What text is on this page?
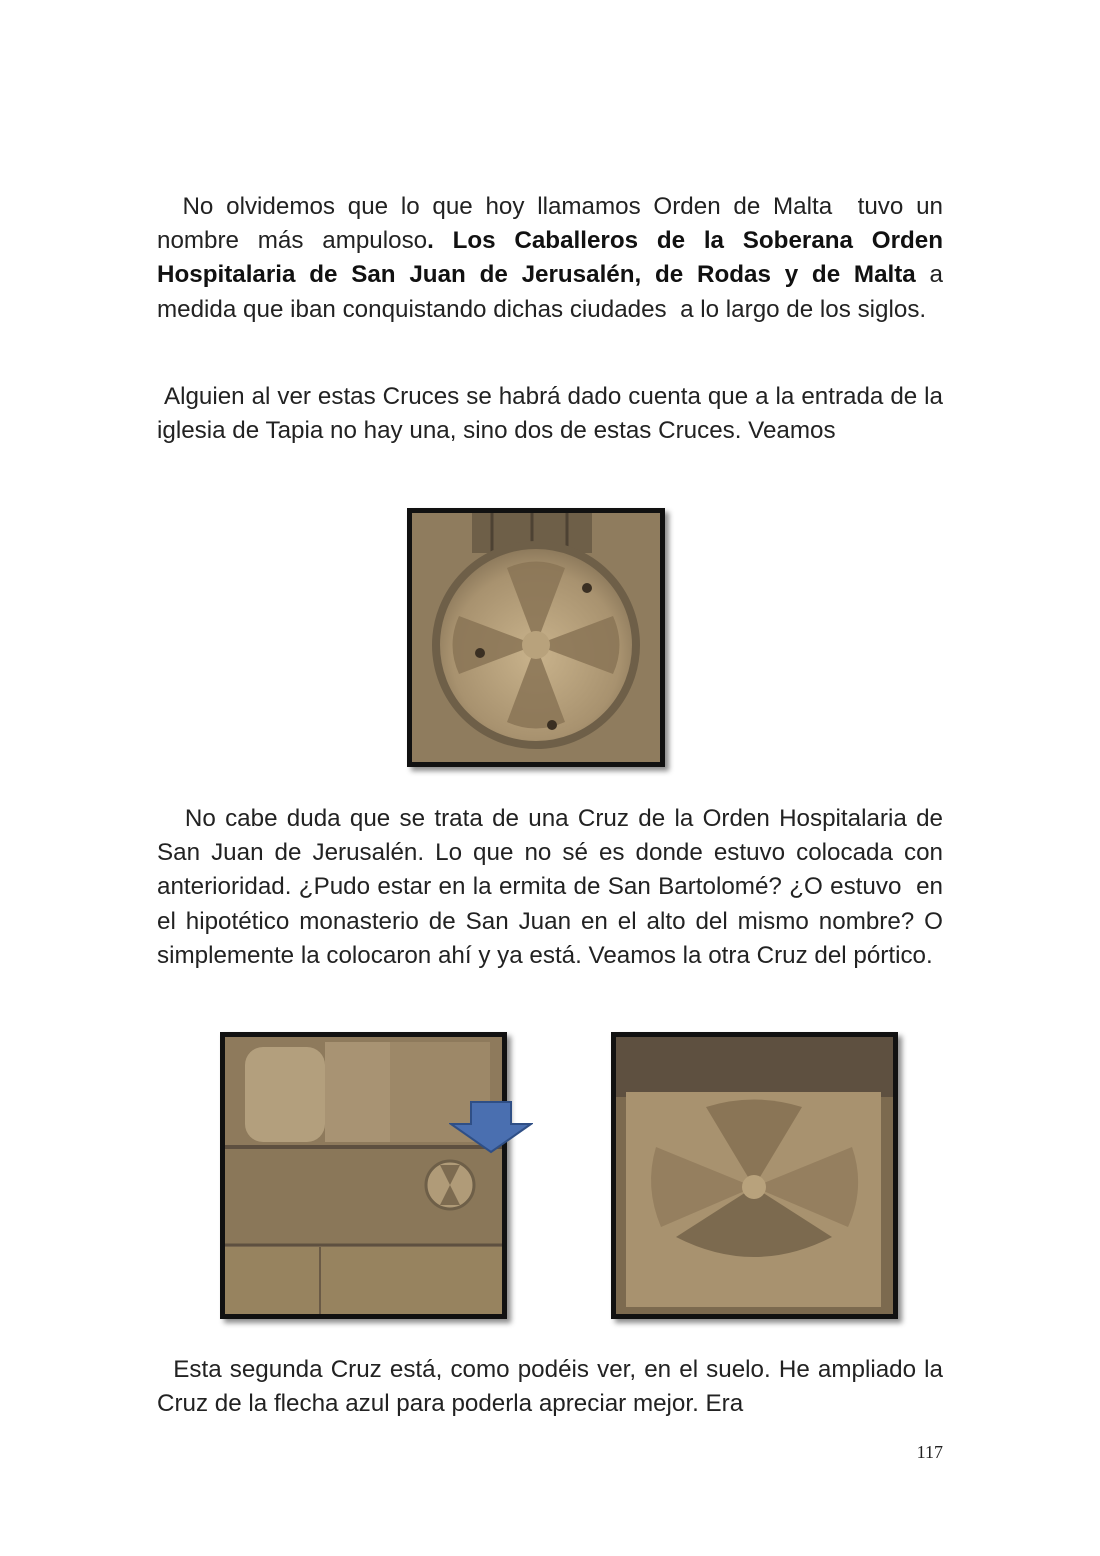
No olvidemos que lo que hoy llamamos Orden de Malta  tuvo un nombre más ampuloso. Los Caballeros de la Soberana Orden Hospitalaria de San Juan de Jerusalén, de Rodas y de Malta a medida que iban conquistando dichas ciudades  a lo largo de los siglos.

Alguien al ver estas Cruces se habrá dado cuenta que a la entrada de la iglesia de Tapia no hay una, sino dos de estas Cruces. Veamos

No cabe duda que se trata de una Cruz de la Orden Hospitalaria de San Juan de Jerusalén. Lo que no sé es donde estuvo colocada con anterioridad. ¿Pudo estar en la ermita de San Bartolomé? ¿O estuvo  en el hipotético monasterio de San Juan en el alto del mismo nombre? O simplemente la colocaron ahí y ya está. Veamos la otra Cruz del pórtico.

Esta segunda Cruz está, como podéis ver, en el suelo. He ampliado la Cruz de la flecha azul para poderla apreciar mejor. Era

117
